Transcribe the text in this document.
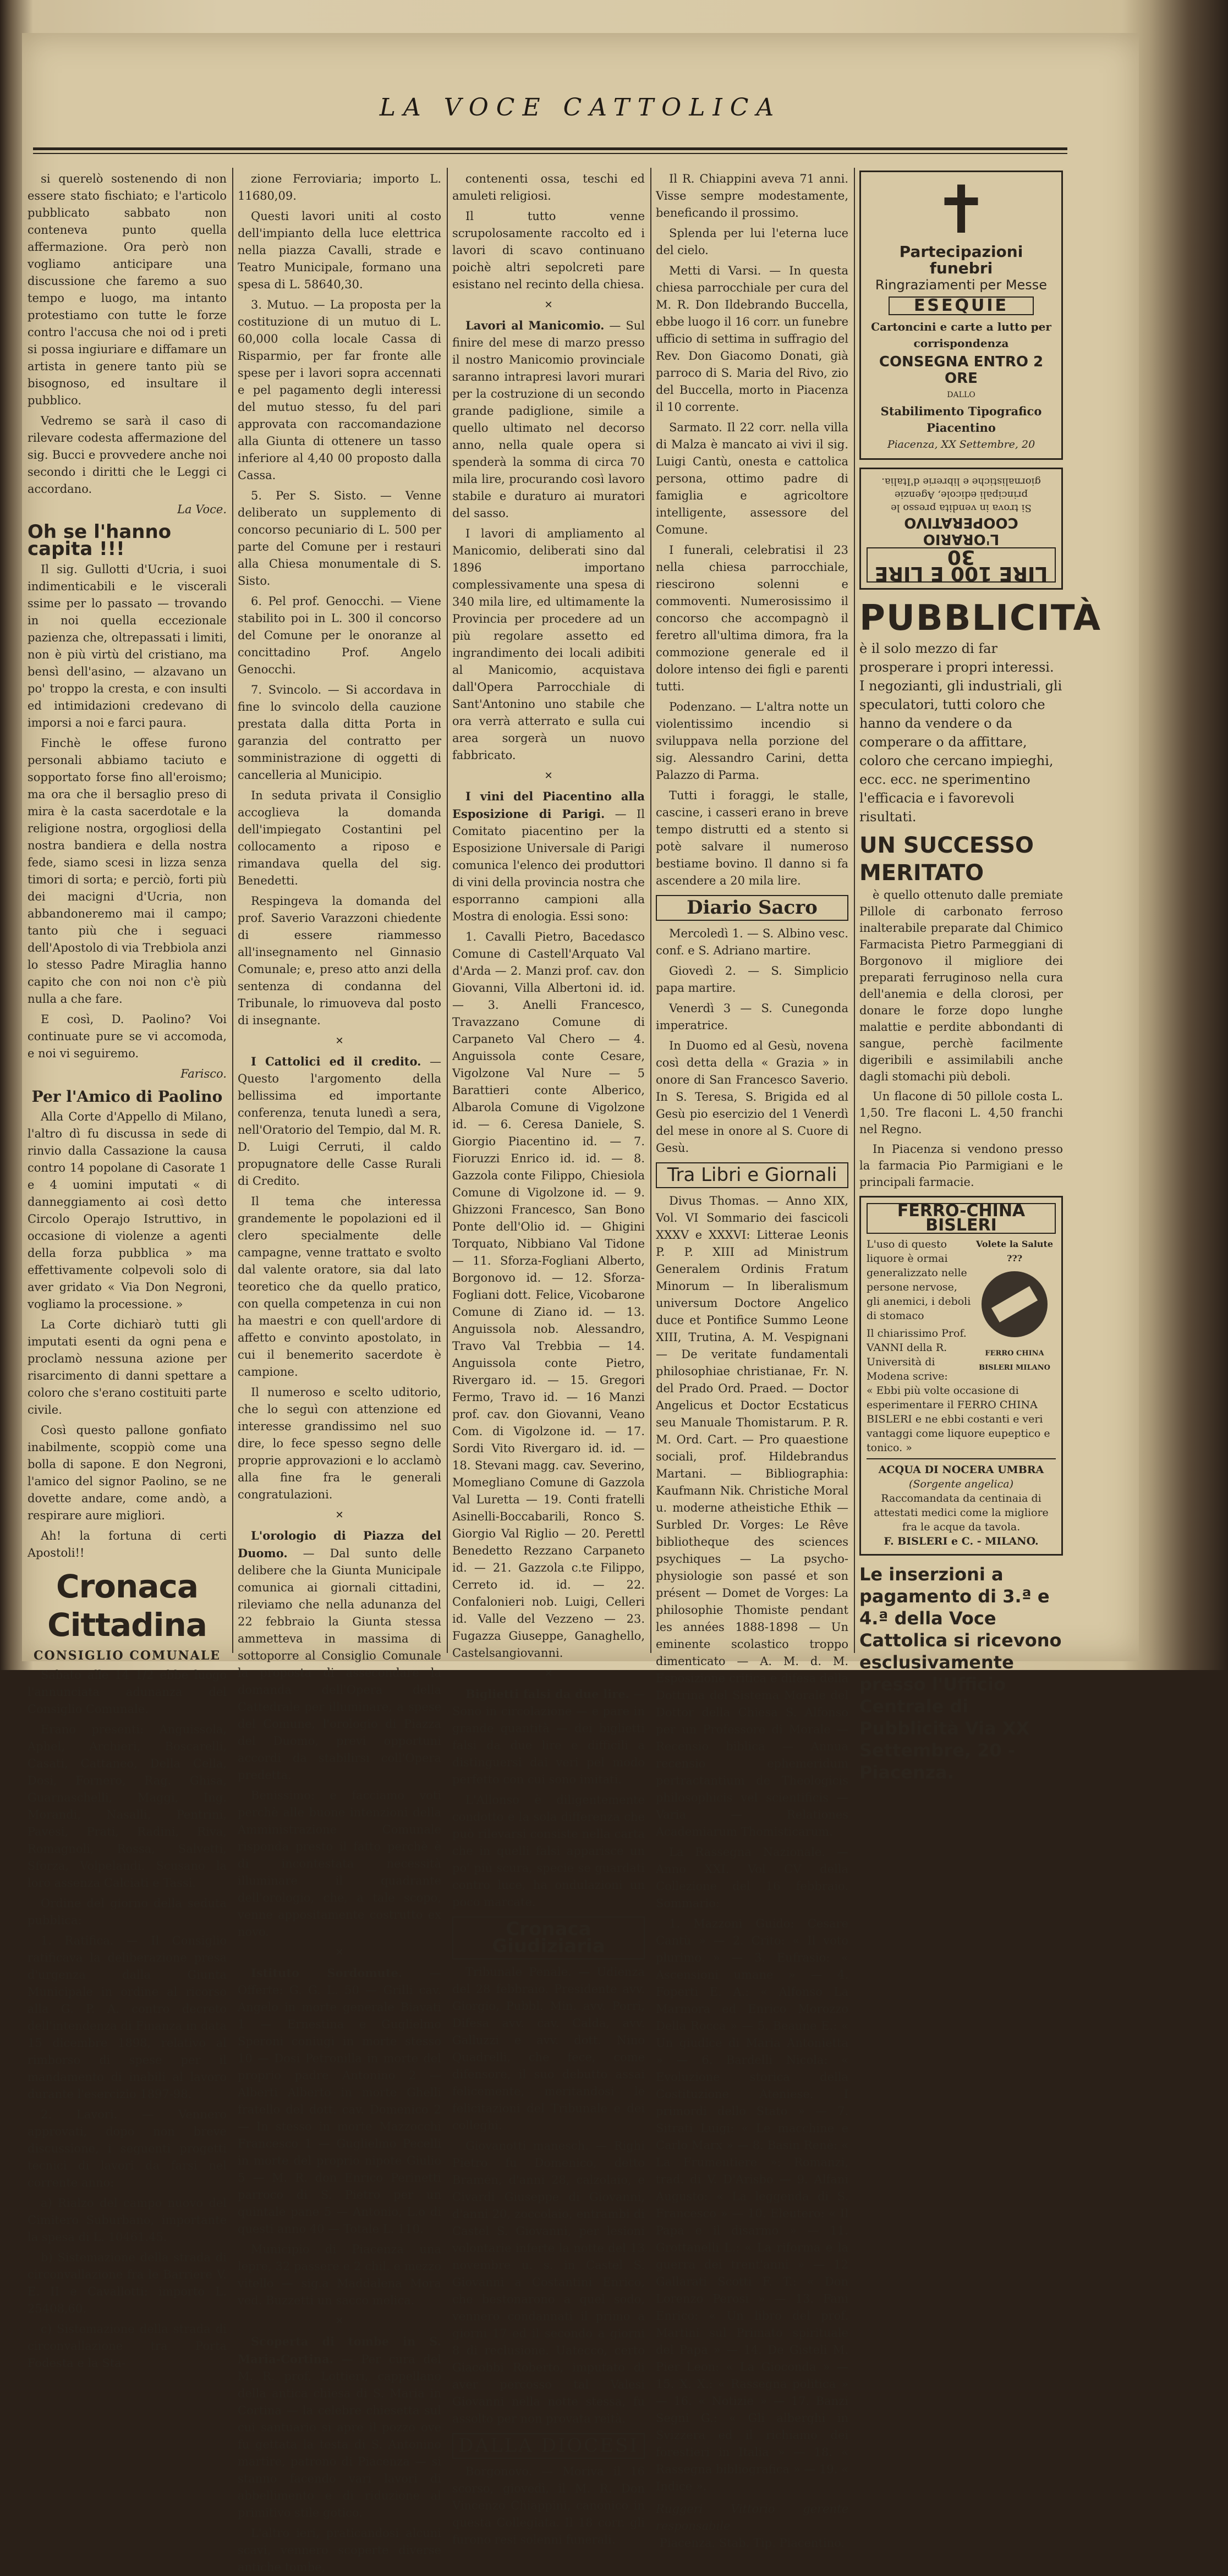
LA VOCE CATTOLICA

si querelò sostenendo di non essere stato fischiato; e l'articolo pubblicato sabbato non conteneva punto quella affermazione. Ora però non vogliamo anticipare una discussione che faremo a suo tempo e luogo, ma intanto protestiamo con tutte le forze contro l'accusa che noi od i preti si possa ingiuriare e diffamare un artista in genere tanto più se bisognoso, ed insultare il pubblico.

Vedremo se sarà il caso di rilevare codesta affermazione del sig. Bucci e provvedere anche noi secondo i diritti che le Leggi ci accordano.

La Voce.
Oh se l'hanno capita !!!

Il sig. Gullotti d'Ucria, i suoi indimenticabili e le viscerali ssime per lo passato — trovando in noi quella eccezionale pazienza che, oltrepassati i limiti, non è più virtù del cristiano, ma bensì dell'asino, — alzavano un po' troppo la cresta, e con insulti ed intimidazioni credevano di imporsi a noi e farci paura.

Finchè le offese furono personali abbiamo taciuto e sopportato forse fino all'eroismo; ma ora che il bersaglio preso di mira è la casta sacerdotale e la religione nostra, orgogliosi della nostra bandiera e della nostra fede, siamo scesi in lizza senza timori di sorta; e perciò, forti più dei macigni d'Ucria, non abbandoneremo mai il campo; tanto più che i seguaci dell'Apostolo di via Trebbiola anzi lo stesso Padre Miraglia hanno capito che con noi non c'è più nulla a che fare.

E così, D. Paolino? Voi continuate pure se vi accomoda, e noi vi seguiremo.

Farisco.
Per l'Amico di Paolino

Alla Corte d'Appello di Milano, l'altro dì fu discussa in sede di rinvio dalla Cassazione la causa contro 14 popolane di Casorate 1 e 4 uomini imputati « di danneggiamento ai così detto Circolo Operajo Istruttivo, in occasione di violenze a agenti della forza pubblica » ma effettivamente colpevoli solo di aver gridato « Via Don Negroni, vogliamo la processione. »

La Corte dichiarò tutti gli imputati esenti da ogni pena e proclamò nessuna azione per risarcimento di danni spettare a coloro che s'erano costituiti parte civile.

Così questo pallone gonfiato inabilmente, scoppiò come una bolla di sapone. E don Negroni, l'amico del signor Paolino, se ne dovette andare, come andò, a respirare aure migliori.

Ah! la fortuna di certi Apostoli!!

Cronaca Cittadina
CONSIGLIO COMUNALE

Sabato alle 14 1/2 ebbe luogo l'annunciata adunanza del Consiglio Comunale.

Erano presenti: Anguissola, Aphel, Archieri, Boscarelli, Casati, Cattaneo, Della Cella, Dosi, Fornero, Rag. Ghisa, Guarnaschelli, Maggi, Ing. Morandi, Nasalli, Pentrini, Pavesi, Prati, Radini, Riva, Romagnoli, Rossa, Salvetti, Sforza, Volpelandi. Scusano la loro assenza Calciati e Tassi.

Ordine del giorno della seduta pubblica:

1. Ratifica. — Il Consiglio ratificava la deliberazione presa d'urgenza dalla Giunta Municipale in ordine al ricorso alla G. P. A. contro decreto dell'intendenza di Finanza in data 15 dicembre 1898, relativo al rimborso di spese per il mandamento di inabili al lavoro durante l'esercizio 1897-98.

2. Lavori. — Vennero approvati, dopo non breve discussione, i seguenti progetti tecnici di lavori da farsi nel corrente anno:

a) Rialzo del campo nuovo del Cimitero Suburbano, importante la spesa di L. 10461.45.

b) Sistemazione della strada di circonvallazione fra le Barriere V. E. II e Cavallotti: importo L. 25408,60.

c) Sistemazione della strada di circonvallazione tra Porta Fodesta e la Sta-

zione Ferroviaria; importo L. 11680,09.

Questi lavori uniti al costo dell'impianto della luce elettrica nella piazza Cavalli, strade e Teatro Municipale, formano una spesa di L. 58640,30.

3. Mutuo. — La proposta per la costituzione di un mutuo di L. 60,000 colla locale Cassa di Risparmio, per far fronte alle spese per i lavori sopra accennati e pel pagamento degli interessi del mutuo stesso, fu del pari approvata con raccomandazione alla Giunta di ottenere un tasso inferiore al 4,40 00 proposto dalla Cassa.

5. Per S. Sisto. — Venne deliberato un supplemento di concorso pecuniario di L. 500 per parte del Comune per i restauri alla Chiesa monumentale di S. Sisto.

6. Pel prof. Genocchi. — Viene stabilito poi in L. 300 il concorso del Comune per le onoranze al concittadino Prof. Angelo Genocchi.

7. Svincolo. — Si accordava in fine lo svincolo della cauzione prestata dalla ditta Porta in garanzia del contratto per somministrazione di oggetti di cancelleria al Municipio.

In seduta privata il Consiglio accoglieva la domanda dell'impiegato Costantini pel collocamento a riposo e rimandava quella del sig. Benedetti.

Respingeva la domanda del prof. Saverio Varazzoni chiedente di essere riammesso all'insegnamento nel Ginnasio Comunale; e, preso atto anzi della sentenza di condanna del Tribunale, lo rimuoveva dal posto di insegnante.

✕

I Cattolici ed il credito. — Questo l'argomento della bellissima ed importante conferenza, tenuta lunedì a sera, nell'Oratorio del Tempio, dal M. R. D. Luigi Cerruti, il caldo propugnatore delle Casse Rurali di Credito.

Il tema che interessa grandemente le popolazioni ed il clero specialmente delle campagne, venne trattato e svolto dal valente oratore, sia dal lato teoretico che da quello pratico, con quella competenza in cui non ha maestri e con quell'ardore di affetto e convinto apostolato, in cui il benemerito sacerdote è campione.

Il numeroso e scelto uditorio, che lo seguì con attenzione ed interesse grandissimo nel suo dire, lo fece spesso segno delle proprie approvazioni e lo acclamò alla fine fra le generali congratulazioni.

✕

L'orologio di Piazza del Duomo. — Dal sunto delle delibere che la Giunta Municipale comunica ai giornali cittadini, rileviamo che nella adunanza del 22 febbraio la Giunta stessa ammetteva in massima di sottoporre al Consiglio Comunale la proposta di assecondare la domanda dell'Opera della Cattedrale per illuminare, a spese del Comune, l'orologio di Piazza del Duomo, previ opportuni accordi da stabilirsi coll'Opera predetta.

Benissimo: e facciamo voti perchè alle buone intenzioni della Amministrazione Comunale risponda presto il fatto perchè è di incontestata necessità illuminare il quadrante dell'orologio, che, a tale scopo, venne appositamente costrutto ex novo.

✕

Istituto Sordomute. — Offerte: G. G. L. 50 — Grilli cav. Angelo in morte generale Biavati 1 — Ernestina e Guglielmo Speroni coniugi in morte stesso 10 — Dosi Petronilla in morte del proprio padre Antonino 2 — Alberti Alberto in morte Ghelli fratello del dott. cav. Domenico 2 — In stesso in morte Mazzocchi Francesco 1 — Guglielmo Pecelli in morte del proprio nipote Giulio 5 — M. R. don Enrico Perinetti parroco di S. Pietro per un quintale pane 5 — Antonio, L.o di questi anno 40 — Totale L. 110.

Municipio di Piacenza una lepre, 32 passere e 2 chil. e mezzo vitello — sig.a Maddalena Mora ved. Buzzetti un sacco melica.

✕

Scoperta di tombe in S. Maria-Cortina. — Per cura del M. R. prof. Lottieri, cappellano della antica chiesa di S. Maria in Cortina — la celebre chiesetta sul cui santuario si apre il pozzo ove fu gettata la testa di S. Antonino martire, patrono di Piacenza — si stanno facendo vari lavori di abbellimento e di riduzione al primitivo stile gotico.

L'altro ieri, praticandosi alcuni scavi, vennero scoperte diverse antiche tombe,

contenenti ossa, teschi ed amuleti religiosi.

Il tutto venne scrupolosamente raccolto ed i lavori di scavo continuano poichè altri sepolcreti pare esistano nel recinto della chiesa.

✕

Lavori al Manicomio. — Sul finire del mese di marzo presso il nostro Manicomio provinciale saranno intrapresi lavori murari per la costruzione di un secondo grande padiglione, simile a quello ultimato nel decorso anno, nella quale opera si spenderà la somma di circa 70 mila lire, procurando così lavoro stabile e duraturo ai muratori del sasso.

I lavori di ampliamento al Manicomio, deliberati sino dal 1896 importano complessivamente una spesa di 340 mila lire, ed ultimamente la Provincia per procedere ad un più regolare assetto ed ingrandimento dei locali adibiti al Manicomio, acquistava dall'Opera Parrocchiale di Sant'Antonino uno stabile che ora verrà atterrato e sulla cui area sorgerà un nuovo fabbricato.

✕

I vini del Piacentino alla Esposizione di Parigi. — Il Comitato piacentino per la Esposizione Universale di Parigi comunica l'elenco dei produttori di vini della provincia nostra che esporranno campioni alla Mostra di enologia. Essi sono:

1. Cavalli Pietro, Bacedasco Comune di Castell'Arquato Val d'Arda — 2. Manzi prof. cav. don Giovanni, Villa Albertoni id. id. — 3. Anelli Francesco, Travazzano Comune di Carpaneto Val Chero — 4. Anguissola conte Cesare, Vigolzone Val Nure — 5 Barattieri conte Alberico, Albarola Comune di Vigolzone id. — 6. Ceresa Daniele, S. Giorgio Piacentino id. — 7. Fioruzzi Enrico id. id. — 8. Gazzola conte Filippo, Chiesiola Comune di Vigolzone id. — 9. Ghizzoni Francesco, San Bono Ponte dell'Olio id. — Ghigini Torquato, Nibbiano Val Tidone — 11. Sforza-Fogliani Alberto, Borgonovo id. — 12. Sforza-Fogliani dott. Felice, Vicobarone Comune di Ziano id. — 13. Anguissola nob. Alessandro, Travo Val Trebbia — 14. Anguissola conte Pietro, Rivergaro id. — 15. Gregori Fermo, Travo id. — 16 Manzi prof. cav. don Giovanni, Veano Com. di Vigolzone id. — 17. Sordi Vito Rivergaro id. id. — 18. Stevani magg. cav. Severino, Momegliano Comune di Gazzola Val Luretta — 19. Conti fratelli Asinelli-Boccabarili, Ronco S. Giorgio Val Riglio — 20. Perettl Benedetto Rezzano Carpaneto id. — 21. Gazzola c.te Filippo, Cerreto id. id. — 22. Confalonieri nob. Luigi, Celleri id. Valle del Vezzeno — 23. Fugazza Giuseppe, Ganaghello, Castelsangiovanni.

✕

Biglietti falsi da due lire. — Sono in circolazione — e pare in grande quantità — dei biglietti falsi da due lire e difficili a distinguersi dai veri pel modo perfetto con cui sono imitati.

L'Allonso è diligentemente condotto e la sola differenza che può rilevarsi consiste nella carta che in quelli falsi apparisce un po' più scura, specie se guardati contro luce, ha ondulazioni un poco marcate.

Cronaca Giudiziaria

Tribunale Penale. — Udienza del 28 febbraio. Presidente avv. Giorgio, Pubbl. Min. avv. Porri, Difesa avv. cav. Calda, avv. Galluzzi e avv. dott. Nino Quadrelli, che fece, come difensore, il suo debutto assai felicemente, meritandosi le felicitazioni del Tribunale e dei colleghi.

Giovanotti manesch. — Righi Pietro fu Domenico, detto Bramén, d'anni 28, calzolaio, e Civardi Giuseppe di Giovanni, d'anni 20, zoccolaio, entrambi di Castel S. Giovanni, per lesioni volontarie inferte la notte del 13 novembre u. s. in Castel S. Giovanni a Costantini Enrico, che bestonarono a quel sodo, vennero condannati il primo a giorni 17 ed il secondo a giorni 8 di reclusione. Uatecco, certo Giacobbi Roberto, imputato di aver percosso tal Valesi Giovanni nella notte stessa, fu assolto per non provata reità.

DALLA DIOCESI

Borgonovo. — Moriva il 16 scorso, giovedì, il M. R. Don Vincenzo Chiappini, canonico in questa Collegiata. Il 18 corr. gli furono resi solenni funerali.

Il R. Chiappini aveva 71 anni. Visse sempre modestamente, beneficando il prossimo.

Splenda per lui l'eterna luce del cielo.

Metti di Varsi. — In questa chiesa parrocchiale per cura del M. R. Don Ildebrando Buccella, ebbe luogo il 16 corr. un funebre ufficio di settima in suffragio del Rev. Don Giacomo Donati, già parroco di S. Maria del Rivo, zio del Buccella, morto in Piacenza il 10 corrente.

Sarmato. Il 22 corr. nella villa di Malza è mancato ai vivi il sig. Luigi Cantù, onesta e cattolica persona, ottimo padre di famiglia e agricoltore intelligente, assessore del Comune.

I funerali, celebratisi il 23 nella chiesa parrocchiale, riescirono solenni e commoventi. Numerosissimo il concorso che accompagnò il feretro all'ultima dimora, fra la commozione generale ed il dolore intenso dei figli e parenti tutti.

Podenzano. — L'altra notte un violentissimo incendio si sviluppava nella porzione del sig. Alessandro Carini, detta Palazzo di Parma.

Tutti i foraggi, le stalle, cascine, i casseri erano in breve tempo distrutti ed a stento si potè salvare il numeroso bestiame bovino. Il danno si fa ascendere a 20 mila lire.

Diario Sacro

Mercoledì 1. — S. Albino vesc. conf. e S. Adriano martire.

Giovedì 2. — S. Simplicio papa martire.

Venerdì 3 — S. Cunegonda imperatrice.

In Duomo ed al Gesù, novena così detta della « Grazia » in onore di San Francesco Saverio. In S. Teresa, S. Brigida ed al Gesù pio esercizio del 1 Venerdì del mese in onore al S. Cuore di Gesù.

Tra Libri e Giornali

Divus Thomas. — Anno XIX, Vol. VI Sommario dei fascicoli XXXV e XXXVI: Litterae Leonis P. P. XIII ad Ministrum Generalem Ordinis Fratum Minorum — In liberalismum universum Doctore Angelico duce et Pontifice Summo Leone XIII, Trutina, A. M. Vespignani — De veritate fundamentali philosophiae christianae, Fr. N. del Prado Ord. Praed. — Doctor Angelicus et Doctor Ecstaticus seu Manuale Thomistarum. P. R. M. Ord. Cart. — Pro quaestione sociali, prof. Hildebrandus Martani. — Bibliographia: Kaufmann Nik. Christiche Moral u. moderne atheistiche Ethik — Surbled Dr. Vorges: Le Rêve bibliotheque des sciences psychiques — La psycho-physiologie son passé et son présent — Domet de Vorges: La philosophie Thomiste pendant les années 1888-1898 — Un eminente scolastico troppo dimenticato — A. M. d. M. Esposizione critica e difesa della Dottrina del Sistema Morale del Dottor della Chiesa S. Alfonso per un Professore di Morale — Recensio biblica — Annua recensio ephemeridum pertractantium de Theologicis philosophicis vel scientificis — Varia — Relationes Academiarum Thomisticarum.

La Rassegna Nazionale. — Anno XXI. Vol CV della Collezione del 16 febbraio. Sommario:

1. Mazzoni Guido: Cesare Cantù » — 2. Crito: « Il voto plurimo » — 3. Eufrasio: « Ascensioni umane » — 4. Foperti E. A.: « Alfonso La Marmora ed Enrico Morozzo Della Rocca » — 5. Beaune E.: « Un giudice di Maria Antonietta » — 6. Bardelli Nicola: « Evoluzione storica della Costituzione Ateniese. I primordi dello Stato » — 7. Sitrati Luigi: « Le macchine e Carlo Marx » — 8. Basin Renè: « La Frumentiere »: Romanzi, trad. di V. D'Arisbo — 9. Alfani Augusto: « La leggenda di S. Francesco » — 10. Eleutero: « Il Papa e il disarmo » — 11. Grottanelli L.: « La riforma e la guerra dei trent'anni » — 12 Gallarati Scotti F. T.: « Don Lorenzo Perosi » — 13. Fani Enrico: « Un libro del prof. Martini sul Primato spirituale del Papa » — 14. De Gisteli M. Pier Leon: « La Gioconda » — 15. X. X.: « Rassegna politica » — 16. « Notizie » — 17. Banzi Segni G.: « Gli alberghi in Svizzera ed il richiamo dei forestieri in Italia » — 18. « Rassegna bibliografica » — 19. « Indice ».

Ruggeri Vittorio gerente responsabile
Piacenza. Stab. Tip. Piacentino.
✝
Partecipazioni funebri
Ringraziamenti per Messe
ESEQUIE
Cartoncini e carte a lutto per corrispondenza
CONSEGNA ENTRO 2 ORE
DALLO
Stabilimento Tipografico Piacentino
Piacenza, XX Settembre, 20
LIRE 100 E LIRE 30
L'ORARIO COOPERATIVO
Si trova in vendita presso le principali edicole, Agenzie giornalistiche e librerie d'Italia.
PUBBLICITÀ
è il solo mezzo di far prosperare i propri interessi.
I negozianti, gli industriali, gli speculatori, tutti coloro che hanno da vendere o da comperare o da affittare, coloro che cercano impieghi, ecc. ecc. ne sperimentino l'efficacia e i favorevoli risultati.
UN SUCCESSO MERITATO

è quello ottenuto dalle premiate Pillole di carbonato ferroso inalterabile preparate dal Chimico Farmacista Pietro Parmeggiani di Borgonovo il migliore dei preparati ferruginoso nella cura dell'anemia e della clorosi, per donare le forze dopo lunghe malattie e perdite abbondanti di sangue, perchè facilmente digeribili e assimilabili anche dagli stomachi più deboli.

Un flacone di 50 pillole costa L. 1,50. Tre flaconi L. 4,50 franchi nel Regno.

In Piacenza si vendono presso la farmacia Pio Parmigiani e le principali farmacie.

FERRO-CHINA BISLERI
Volete la Salute ???
FERRO CHINA BISLERI MILANO
L'uso di questo liquore è ormai generalizzato nelle persone nervose, gli anemici, i deboli di stomaco
Il chiarissimo Prof. VANNI della R. Università di Modena scrive:
« Ebbi più volte occasione di esperimentare il FERRO CHINA BISLERI e ne ebbi costanti e veri vantaggi come liquore eupeptico e tonico. »
ACQUA DI NOCERA UMBRA
(Sorgente angelica)
Raccomandata da centinaia di attestati medici come la migliore fra le acque da tavola.
F. BISLERI e C. - MILANO.
Le inserzioni a pagamento di 3.ª e 4.ª della Voce Cattolica si ricevono esclusivamente presso l'Ufficio Centrale di Pubblicità Via XX Settembre, 20 - Piacenza.
